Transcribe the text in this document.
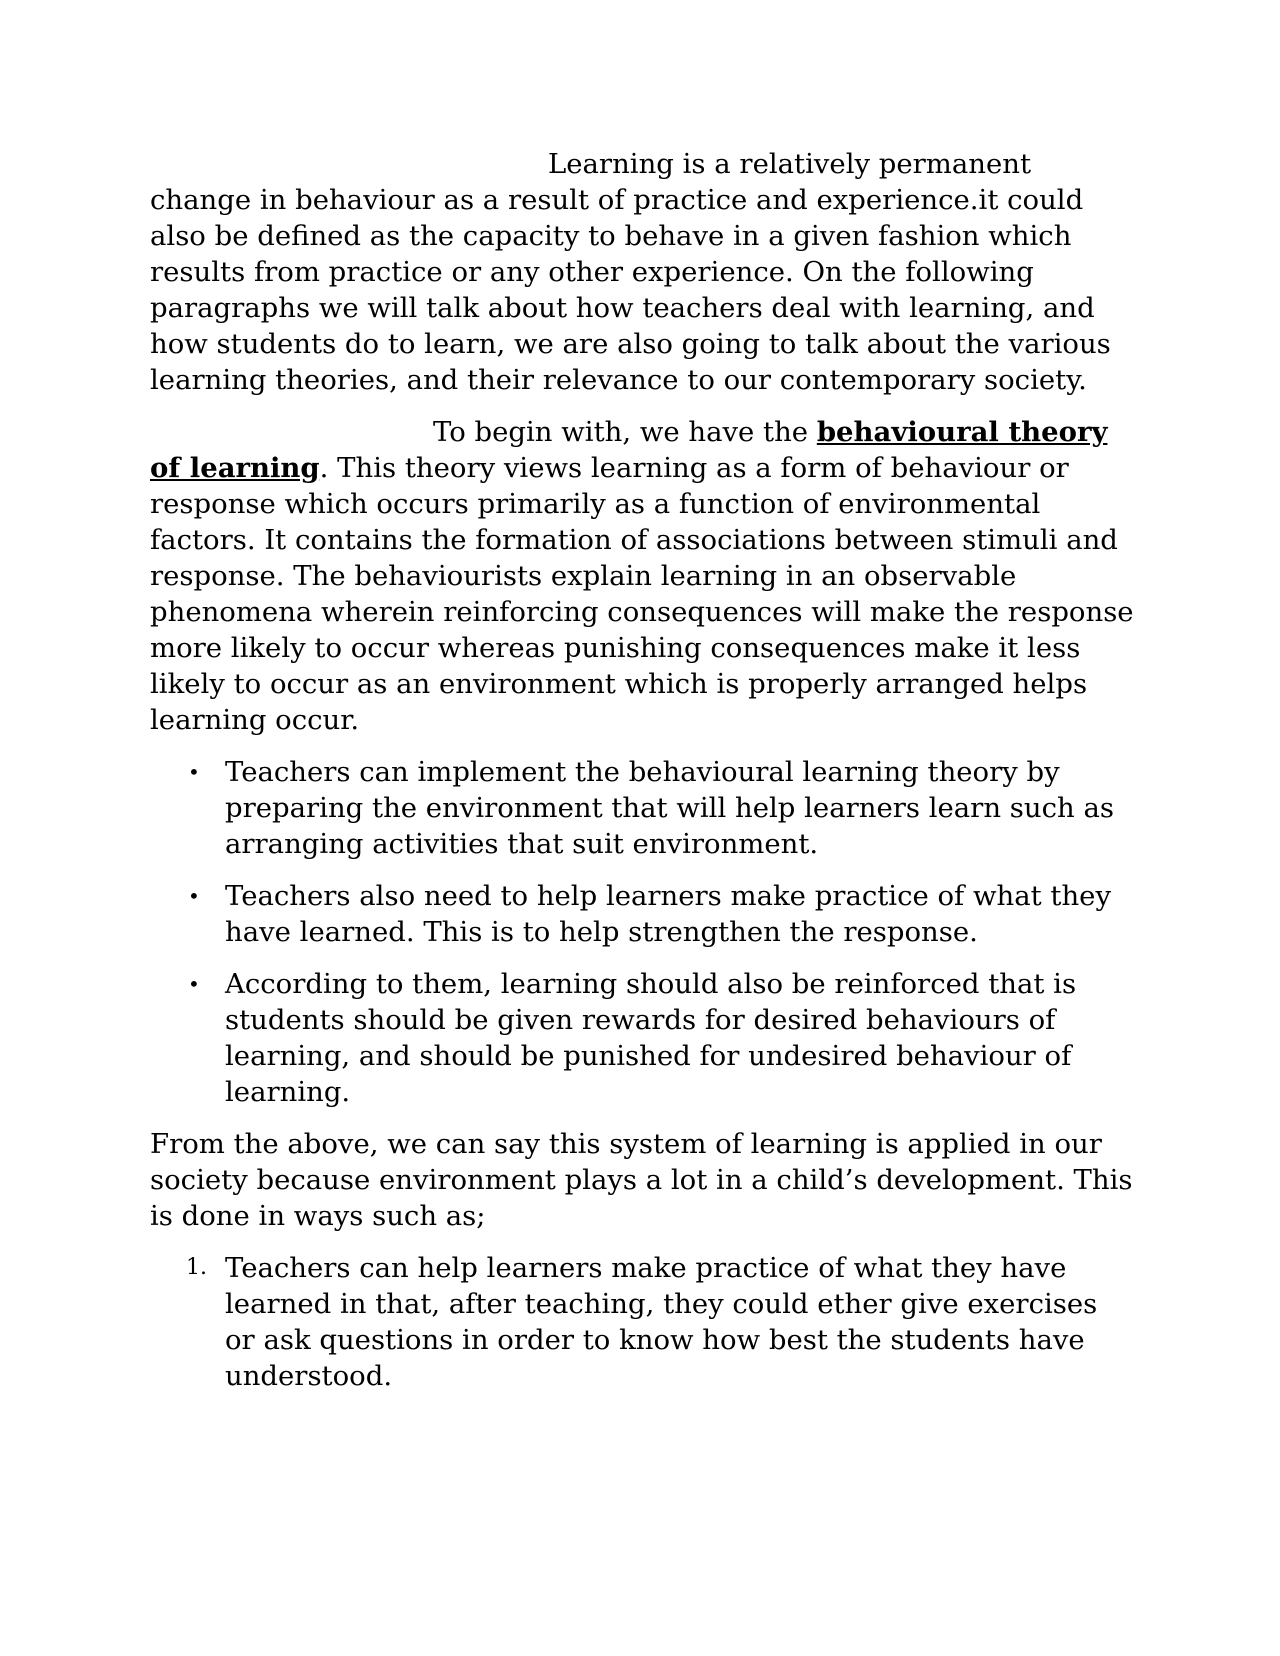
Learning is a relatively permanent change in behaviour as a result of practice and experience.it could also be defined as the capacity to behave in a given fashion which results from practice or any other experience. On the following paragraphs we will talk about how teachers deal with learning, and how students do to learn, we are also going to talk about the various learning theories, and their relevance to our contemporary society.

To begin with, we have the behavioural theory of learning. This theory views learning as a form of behaviour or response which occurs primarily as a function of environmental factors. It contains the formation of associations between stimuli and response. The behaviourists explain learning in an observable phenomena wherein reinforcing consequences will make the response more likely to occur whereas punishing consequences make it less likely to occur as an environment which is properly arranged helps learning occur.

• Teachers can implement the behavioural learning theory by preparing the environment that will help learners learn such as arranging activities that suit environment.
• Teachers also need to help learners make practice of what they have learned. This is to help strengthen the response.
• According to them, learning should also be reinforced that is students should be given rewards for desired behaviours of learning, and should be punished for undesired behaviour of learning.

From the above, we can say this system of learning is applied in our society because environment plays a lot in a child’s development. This is done in ways such as;

1. Teachers can help learners make practice of what they have learned in that, after teaching, they could ether give exercises or ask questions in order to know how best the students have understood.
